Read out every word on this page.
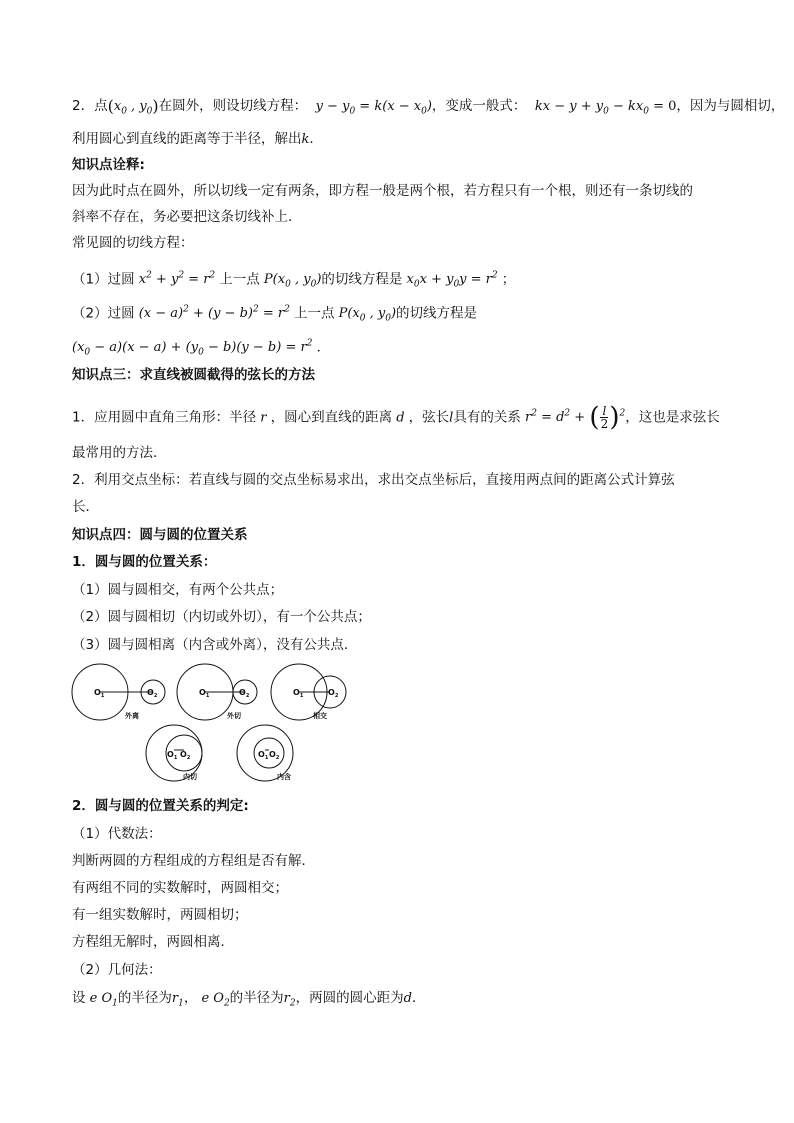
2．点($x_0$ , $y_0$)在圆外，则设切线方程：  $y - y_0 = k(x - x_0)$，变成一般式：  kx − $y + y_0 - kx_0 = 0$，因为与圆相切，
利用圆心到直线的距离等于半径，解出k．
知识点诠释:
因为此时点在圆外，所以切线一定有两条，即方程一般是两个根，若方程只有一个根，则还有一条切线的
斜率不存在，务必要把这条切线补上．
常见圆的切线方程：
（1）过圆 $x^2 + y^2 = r^2$ 上一点 $P(x_0$ , $y_0$)的切线方程是 $x_0x + y_0y = r^2$ ；
（2）过圆 $(x - a)^2 + (y - b)^2 = r^2$ 上一点 $P(x_0$ , $y_0$)的切线方程是
$(x_0 - a)(x - a) + (y_0 - b)(y - b) = r^2$ ．
知识点三：求直线被圆截得的弦长的方法
1．应用圆中直角三角形：半径 r ，圆心到直线的距离 d ，弦长l具有的关系 $r^2 = d^2$ + ( $\frac{l}{2} )^2$，这也是求弦长
最常用的方法．
2．利用交点坐标：若直线与圆的交点坐标易求出，求出交点坐标后，直接用两点间的距离公式计算弦
长．
知识点四：圆与圆的位置关系
1．圆与圆的位置关系：
（1）圆与圆相交，有两个公共点；
（2）圆与圆相切（内切或外切），有一个公共点；
（3）圆与圆相离（内含或外离），没有公共点．
$O_1$	$O_2$	$O_1$	$O_2$	$O_1$	$O_2$
$O_1$ $O_2$	$O_1$ $O_2$
外离	外切	相交
内切	内含
2．圆与圆的位置关系的判定:
（1）代数法：
判断两圆的方程组成的方程组是否有解．
有两组不同的实数解时，两圆相交；
有一组实数解时，两圆相切；
方程组无解时，两圆相离．
（2）几何法：
设 e $O_1$的半径为$r_1$， e $O_2$的半径为$r_2$，两圆的圆心距为d．
